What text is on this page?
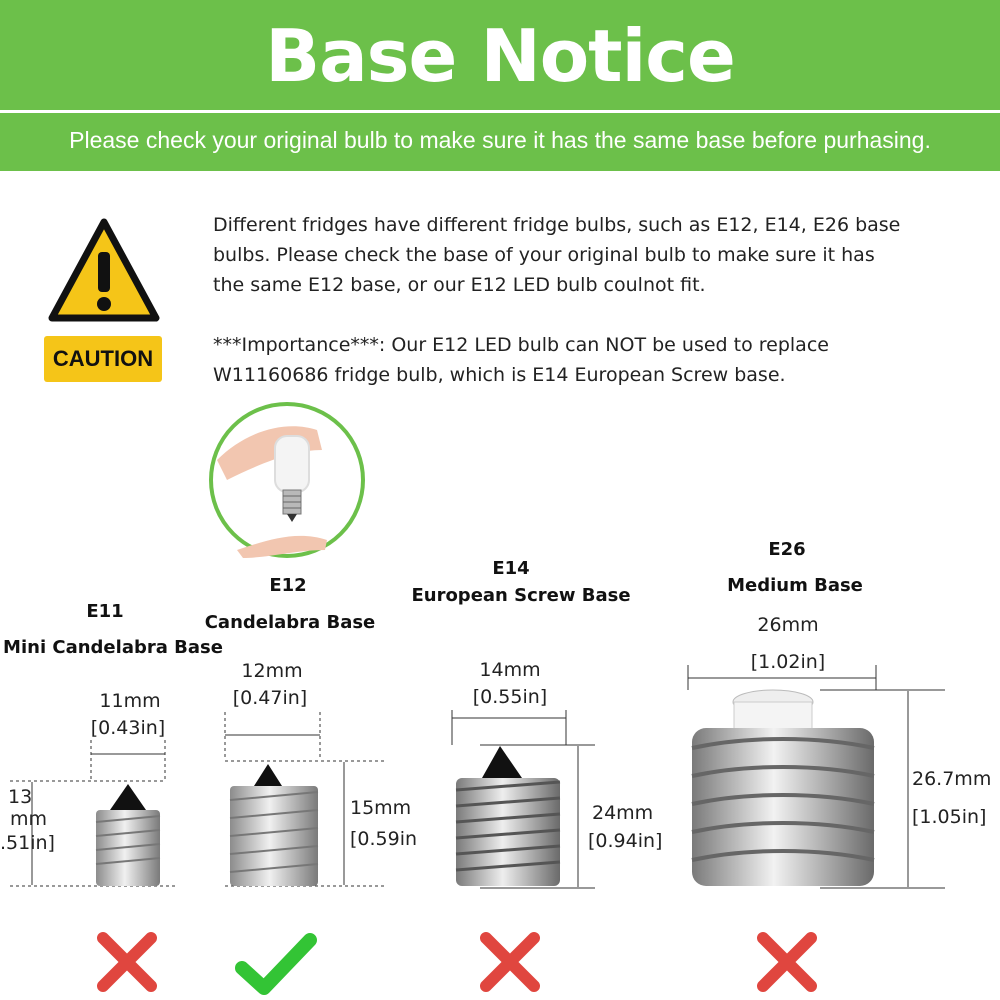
Base Notice
Please check your original bulb to make sure it has the same base before purhasing.
CAUTION
Different fridges have different fridge bulbs, such as E12, E14, E26 base
bulbs. Please check the base of your original bulb to make sure it has
the same E12 base, or our E12 LED bulb coulnot fit.
***Importance***: Our E12 LED bulb can NOT be used to replace
W11160686 fridge bulb, which is E14 European Screw base.
E11
Mini Candelabra Base
11mm
[0.43in]
13
mm
.51in]
E12
Candelabra Base
12mm
[0.47in]
15mm
[0.59in
E14
European Screw Base
14mm
[0.55in]
24mm
[0.94in]
E26
Medium Base
26mm
[1.02in]
26.7mm
[1.05in]
